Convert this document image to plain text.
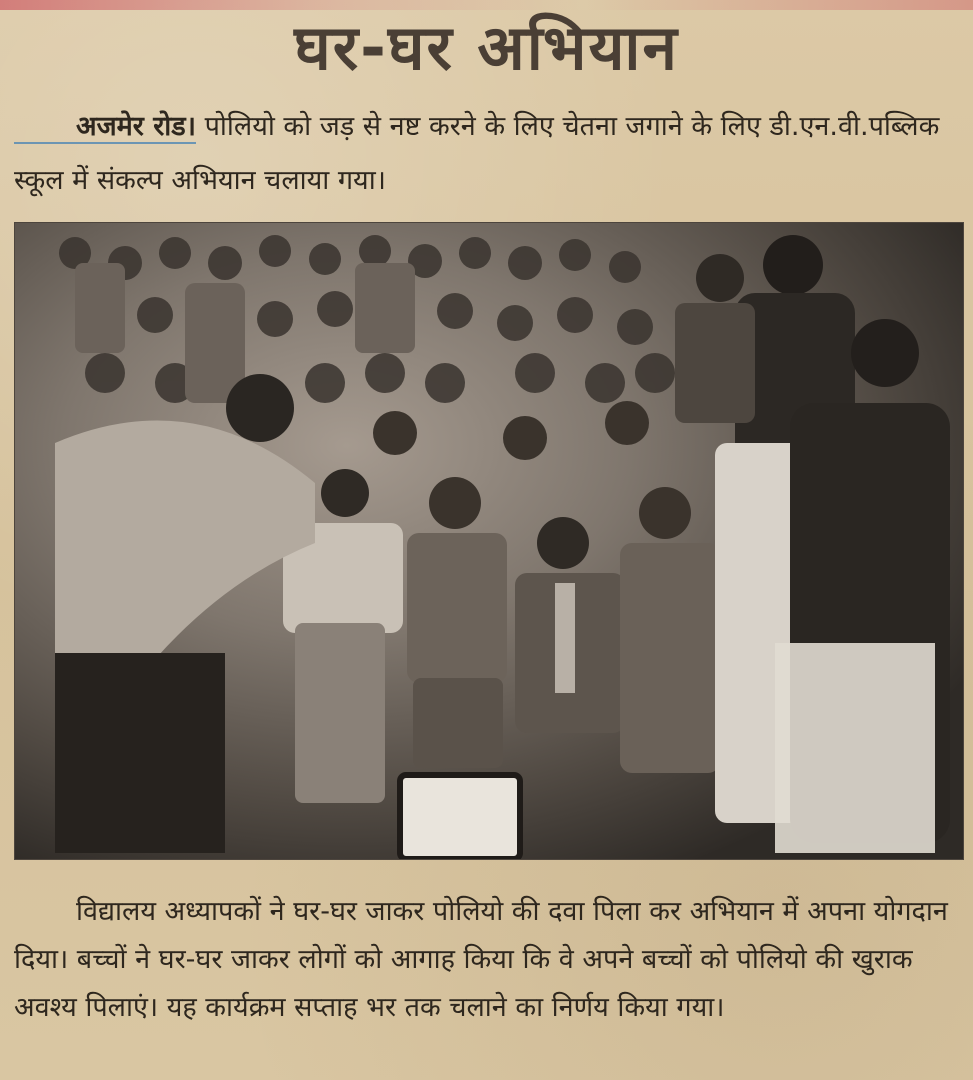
घर-घर अभियान
अजमेर रोड। पोलियो को जड़ से नष्ट करने के लिए चेतना जगाने के लिए डी.एन.वी.पब्लिक स्कूल में संकल्प अभियान चलाया गया।
विद्यालय अध्यापकों ने घर-घर जाकर पोलियो की दवा पिला कर अभियान में अपना योगदान दिया। बच्चों ने घर-घर जाकर लोगों को आगाह किया कि वे अपने बच्चों को पोलियो की खुराक अवश्य पिलाएं। यह कार्यक्रम सप्ताह भर तक चलाने का निर्णय किया गया।
